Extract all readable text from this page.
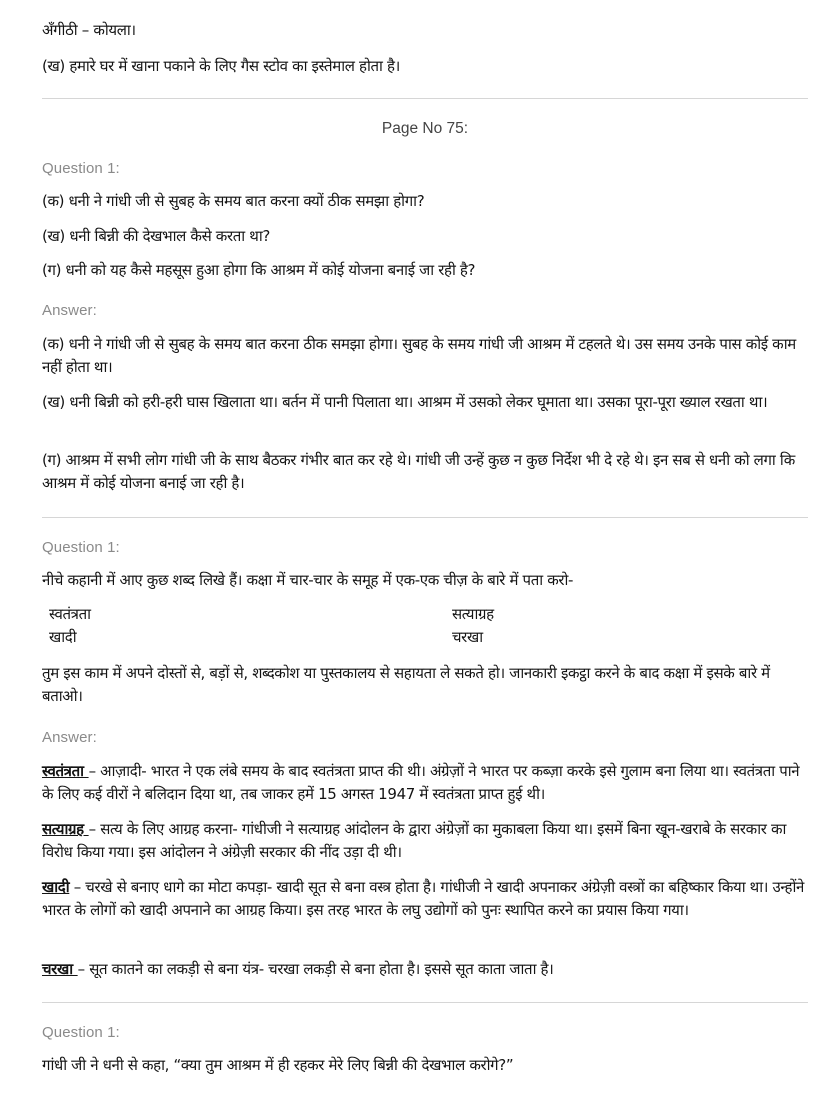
अँगीठी – कोयला।
(ख) हमारे घर में खाना पकाने के लिए गैस स्टोव का इस्तेमाल होता है।
Page No 75:
Question 1:
(क) धनी ने गांधी जी से सुबह के समय बात करना क्यों ठीक समझा होगा?
(ख) धनी बिन्नी की देखभाल कैसे करता था?
(ग) धनी को यह कैसे महसूस हुआ होगा कि आश्रम में कोई योजना बनाई जा रही है?
Answer:
(क) धनी ने गांधी जी से सुबह के समय बात करना ठीक समझा होगा। सुबह के समय गांधी जी आश्रम में टहलते थे। उस समय उनके पास कोई काम नहीं होता था।
(ख) धनी बिन्नी को हरी-हरी घास खिलाता था। बर्तन में पानी पिलाता था। आश्रम में उसको लेकर घूमाता था। उसका पूरा-पूरा ख्याल रखता था।
(ग) आश्रम में सभी लोग गांधी जी के साथ बैठकर गंभीर बात कर रहे थे। गांधी जी उन्हें कुछ न कुछ निर्देश भी दे रहे थे। इन सब से धनी को लगा कि आश्रम में कोई योजना बनाई जा रही है।
Question 1:
नीचे कहानी में आए कुछ शब्द लिखे हैं। कक्षा में चार-चार के समूह में एक-एक चीज़ के बारे में पता करो-
स्वतंत्रता	सत्याग्रह
खादी	चरखा
तुम इस काम में अपने दोस्तों से, बड़ों से, शब्दकोश या पुस्तकालय से सहायता ले सकते हो। जानकारी इकट्ठा करने के बाद कक्षा में इसके बारे में बताओ।
Answer:
स्वतंत्रता – आज़ादी- भारत ने एक लंबे समय के बाद स्वतंत्रता प्राप्त की थी। अंग्रेज़ों ने भारत पर कब्ज़ा करके इसे गुलाम बना लिया था। स्वतंत्रता पाने के लिए कई वीरों ने बलिदान दिया था, तब जाकर हमें 15 अगस्त 1947 में स्वतंत्रता प्राप्त हुई थी।
सत्याग्रह – सत्य के लिए आग्रह करना- गांधीजी ने सत्याग्रह आंदोलन के द्वारा अंग्रेज़ों का मुकाबला किया था। इसमें बिना खून-खराबे के सरकार का विरोध किया गया। इस आंदोलन ने अंग्रेज़ी सरकार की नींद उड़ा दी थी।
खादी – चरखे से बनाए धागे का मोटा कपड़ा- खादी सूत से बना वस्त्र होता है। गांधीजी ने खादी अपनाकर अंग्रेज़ी वस्त्रों का बहिष्कार किया था। उन्होंने भारत के लोगों को खादी अपनाने का आग्रह किया। इस तरह भारत के लघु उद्योगों को पुनः स्थापित करने का प्रयास किया गया।
चरखा – सूत कातने का लकड़ी से बना यंत्र- चरखा लकड़ी से बना होता है। इससे सूत काता जाता है।
Question 1:
गांधी जी ने धनी से कहा, “क्या तुम आश्रम में ही रहकर मेरे लिए बिन्नी की देखभाल करोगे?”
